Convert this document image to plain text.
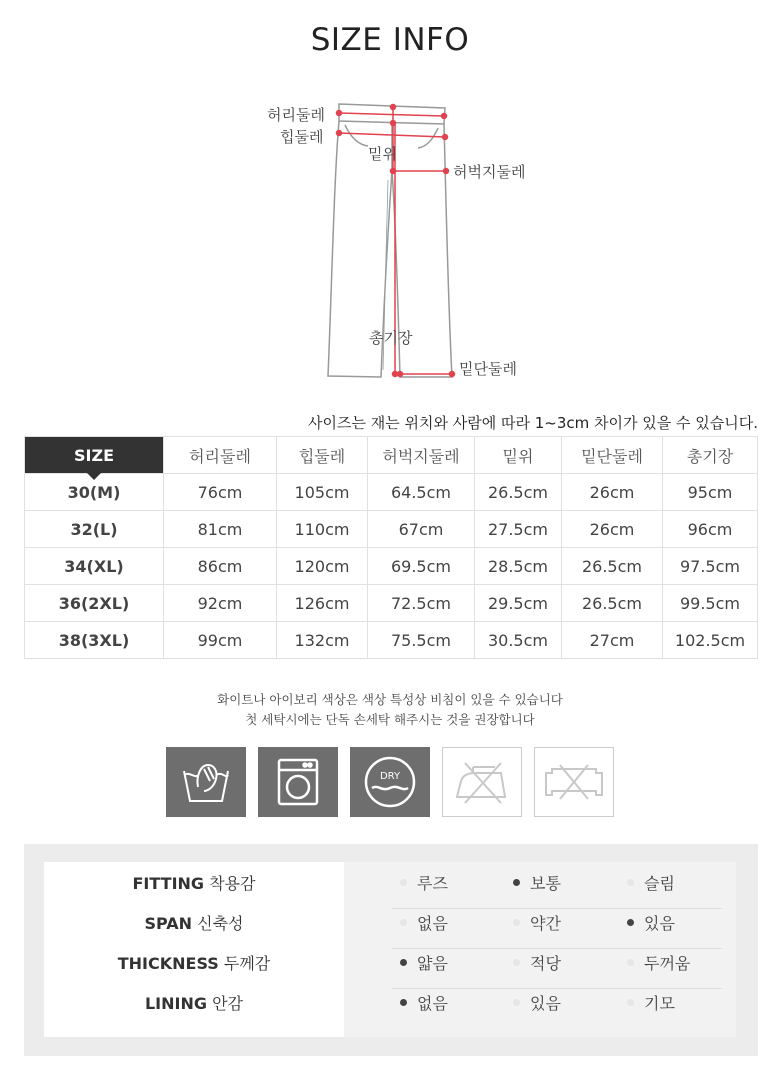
SIZE INFO
허리둘레
힙둘레
밑위
허벅지둘레
총기장
밑단둘레
사이즈는 재는 위치와 사람에 따라 1~3cm 차이가 있을 수 있습니다.
SIZE	허리둘레	힙둘레	허벅지둘레	밑위	밑단둘레	총기장
30(M)	76cm	105cm	64.5cm	26.5cm	26cm	95cm
32(L)	81cm	110cm	67cm	27.5cm	26cm	96cm
34(XL)	86cm	120cm	69.5cm	28.5cm	26.5cm	97.5cm
36(2XL)	92cm	126cm	72.5cm	29.5cm	26.5cm	99.5cm
38(3XL)	99cm	132cm	75.5cm	30.5cm	27cm	102.5cm
화이트나 아이보리 색상은 색상 특성상 비침이 있을 수 있습니다
첫 세탁시에는 단독 손세탁 해주시는 것을 권장합니다
DRY
FITTING 착용감	루즈	보통	슬림
SPAN 신축성	없음	약간	있음
THICKNESS 두께감	얇음	적당	두꺼움
LINING 안감	없음	있음	기모
